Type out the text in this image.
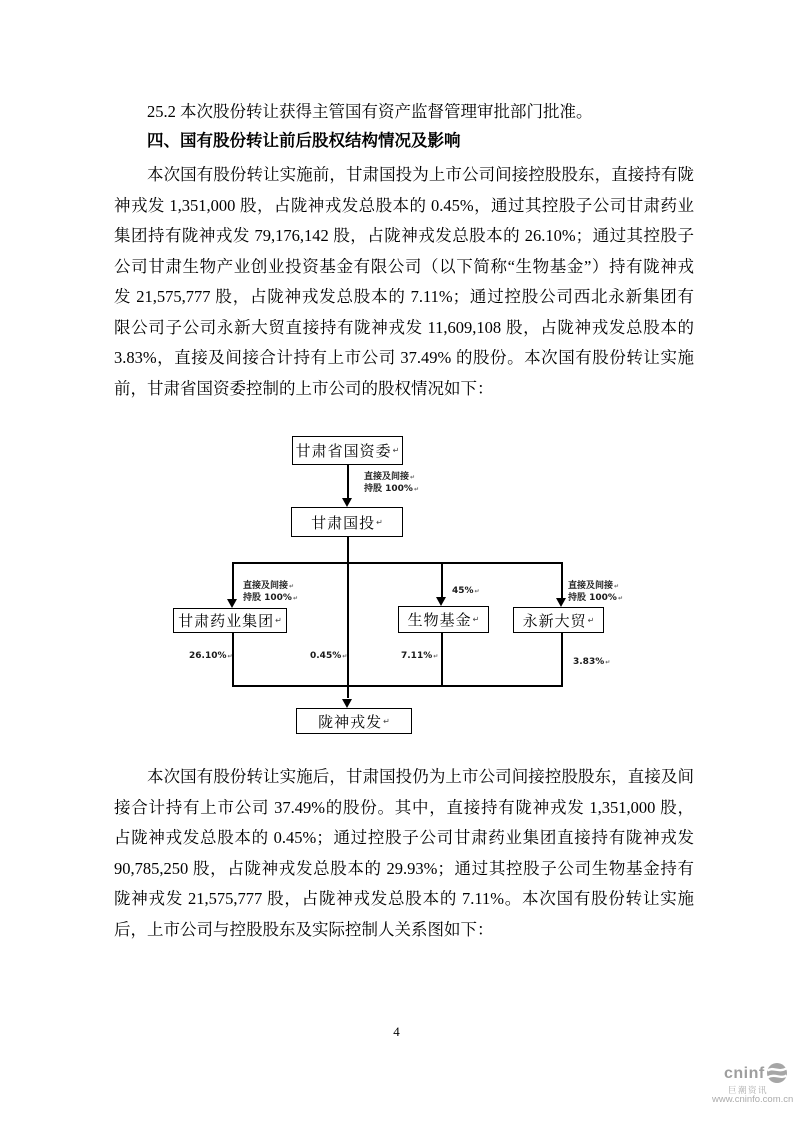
25.2 本次股份转让获得主管国有资产监督管理审批部门批准。
四、国有股份转让前后股权结构情况及影响
本次国有股份转让实施前，甘肃国投为上市公司间接控股股东，直接持有陇
神戎发 1,351,000 股，占陇神戎发总股本的 0.45%，通过其控股子公司甘肃药业
集团持有陇神戎发 79,176,142 股，占陇神戎发总股本的 26.10%；通过其控股子
公司甘肃生物产业创业投资基金有限公司（以下简称“生物基金”）持有陇神戎
发 21,575,777 股，占陇神戎发总股本的 7.11%；通过控股公司西北永新集团有
限公司子公司永新大贸直接持有陇神戎发 11,609,108 股，占陇神戎发总股本的
3.83%，直接及间接合计持有上市公司 37.49% 的股份。本次国有股份转让实施
前，甘肃省国资委控制的上市公司的股权情况如下：
甘肃省国资委 ↵
直接及间接↵
持股 100%↵
甘肃国投 ↵
直接及间接↵
持股 100%↵
45%↵
直接及间接↵
持股 100%↵
甘肃药业集团 ↵	生物基金 ↵	永新大贸 ↵
26.10%↵	0.45%↵	7.11%↵
3.83%↵
陇神戎发 ↵
本次国有股份转让实施后，甘肃国投仍为上市公司间接控股股东，直接及间
接合计持有上市公司 37.49%的股份。其中，直接持有陇神戎发 1,351,000 股，
占陇神戎发总股本的 0.45%；通过控股子公司甘肃药业集团直接持有陇神戎发
90,785,250 股，占陇神戎发总股本的 29.93%；通过其控股子公司生物基金持有
陇神戎发 21,575,777 股，占陇神戎发总股本的 7.11%。本次国有股份转让实施
后，上市公司与控股股东及实际控制人关系图如下：
4
cninf
巨潮资讯
www.cninfo.com.cn
